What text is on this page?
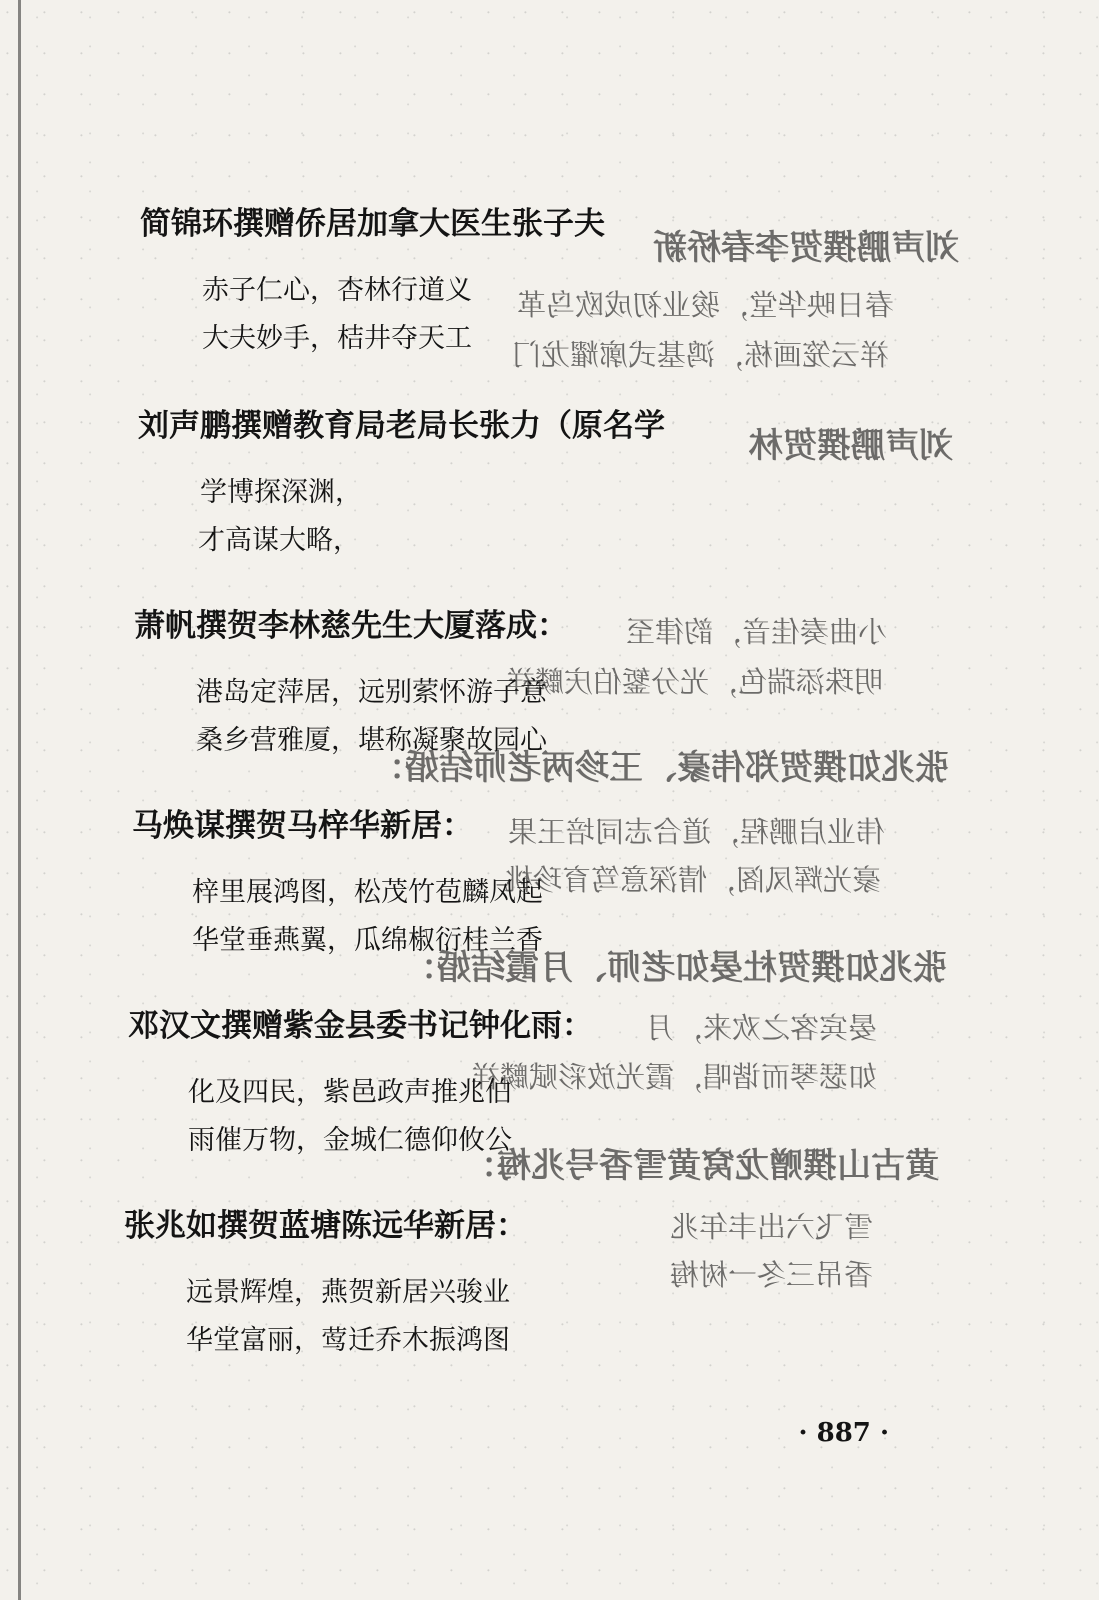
刘声鹏撰贺李春桥新
春日映华堂，骏业初成欧鸟革
祥云笼画栋，鸿基式廓耀龙门
刘声鹏撰贺林
小曲奏佳音，韵律至
明珠添瑞色，光分錾伯庆麟祥
张兆如撰贺郑伟豪、王珍两老师结婚：
伟业启鹏程，道合志同培王果
豪光辉凤阁，情深意笃育珍桃
张兆如撰贺杜晏如老师、月霞结婚：
晏宾客之欢来，月
如瑟琴而谐唱，霞光放彩赋麟祥
黄古山撰赠龙窝黄雪香号兆梅：
雪飞六出丰年兆
香吊三冬一树梅
简锦环撰赠侨居加拿大医生张子夫
赤子仁心，杏林行道义
大夫妙手，桔井夺天工
刘声鹏撰赠教育局老局长张力（原名学
学博探深渊，
才高谋大略，
萧帆撰贺李林慈先生大厦落成：
港岛定萍居，远别萦怀游子意
桑乡营雅厦，堪称凝聚故园心
马焕谋撰贺马梓华新居：
梓里展鸿图，松茂竹苞麟凤起
华堂垂燕翼，瓜绵椒衍桂兰香
邓汉文撰赠紫金县委书记钟化雨：
化及四民，紫邑政声推兆伯
雨催万物，金城仁德仰攸公
张兆如撰贺蓝塘陈远华新居：
远景辉煌，燕贺新居兴骏业
华堂富丽，莺迁乔木振鸿图
· 887 ·
